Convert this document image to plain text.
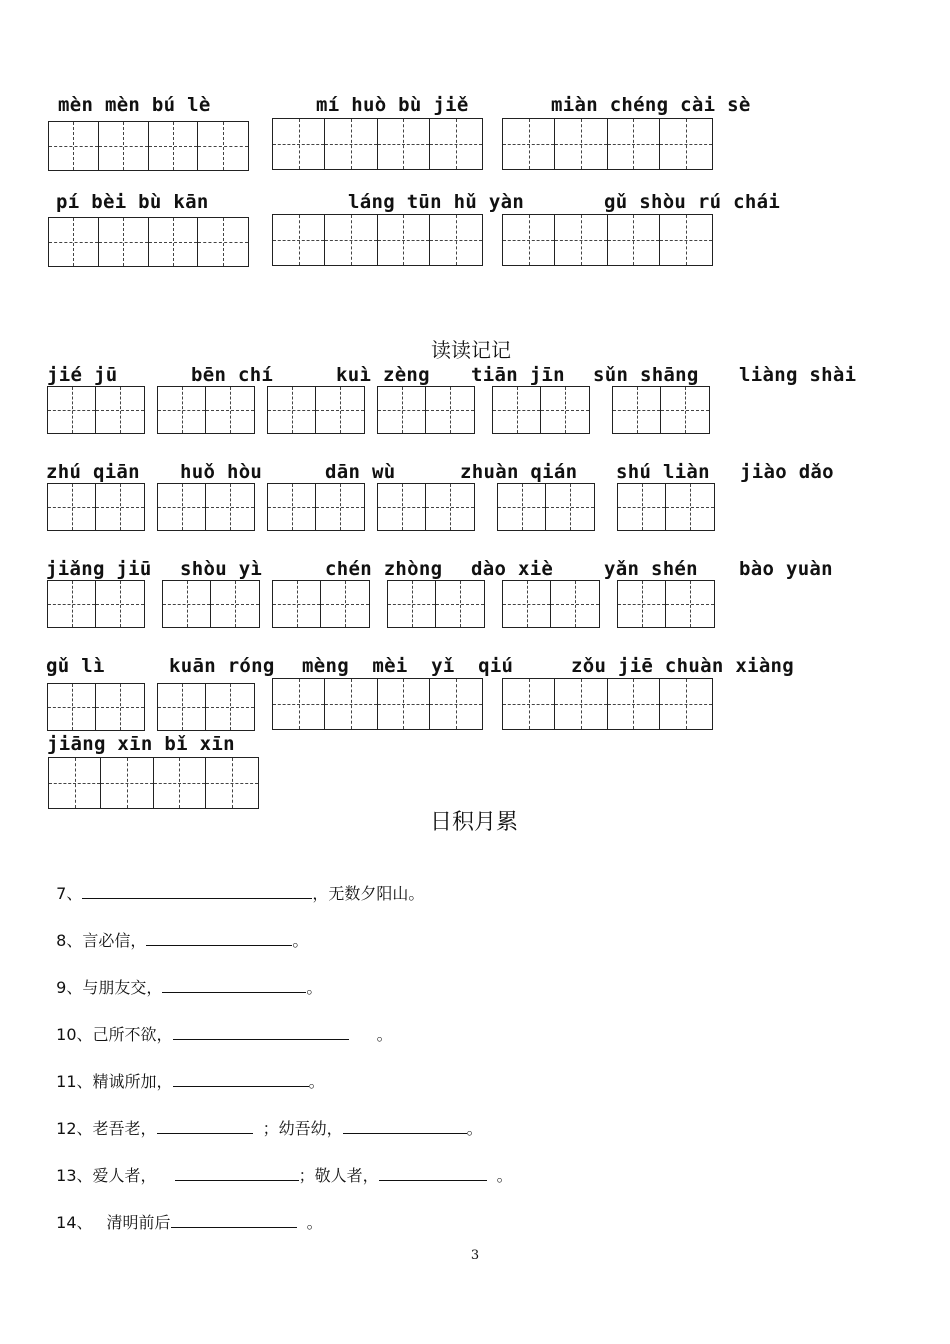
mèn mèn bú lè	mí huò bù jiě	miàn chéng cài sè
pí bèi bù kān	láng tūn hǔ yàn	gǔ shòu rú chái
读读记记
jié jū	bēn chí	kuì zèng tiān jīn sǔn shāng liàng shài
zhú qiān huǒ hòu	dān wù	zhuàn qián shú liàn jiào dǎo
jiǎng jiū shòu yì	chén zhòng dào xiè	yǎn shén bào yuàn
gǔ lì	kuān róng mèng  mèi  yǐ  qiú	zǒu jiē chuàn xiàng
jiāng xīn bǐ xīn
日积月累

7、	，无数夕阳山。

8、言必信，	。

9、与朋友交，	。

10、己所不欲，	。

11、精诚所加，	。

12、老吾老，	；幼吾幼，	。

13、爱人者，	；敬人者，	。

14、 清明前后	。

3
